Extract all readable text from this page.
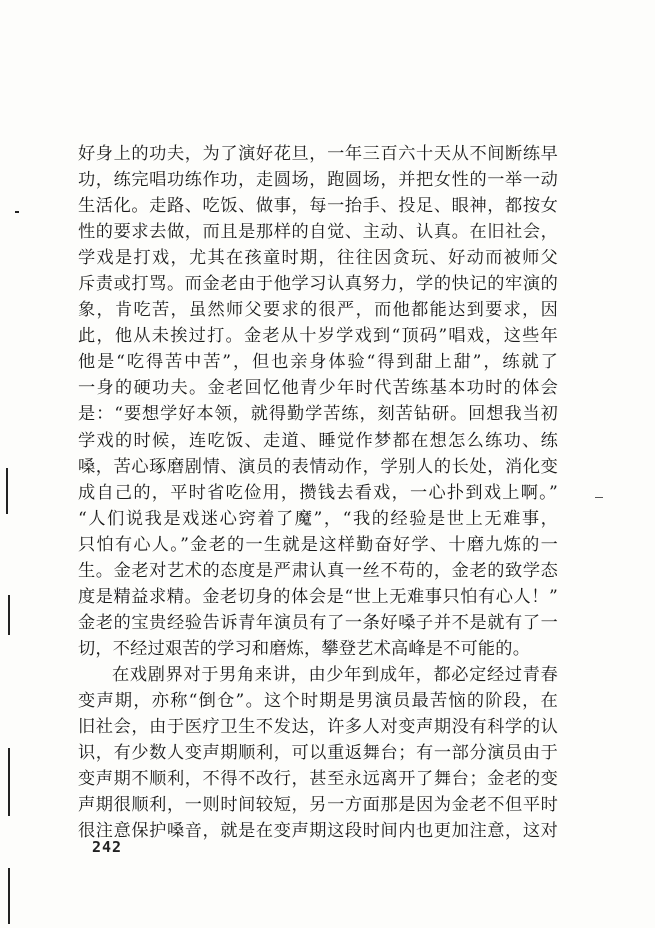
好身上的功夫，为了演好花旦，一年三百六十天从不间断练早
功，练完唱功练作功，走圆场，跑圆场，并把女性的一举一动
生活化。走路、吃饭、做事，每一抬手、投足、眼神，都按女
性的要求去做，而且是那样的自觉、主动、认真。在旧社会，
学戏是打戏，尤其在孩童时期，往往因贪玩、好动而被师父
斥责或打骂。而金老由于他学习认真努力，学的快记的牢演的
象，肯吃苦，虽然师父要求的很严，而他都能达到要求，因
此，他从未挨过打。金老从十岁学戏到“顶码”唱戏，这些年
他是“吃得苦中苦”，但也亲身体验“得到甜上甜”，练就了
一身的硬功夫。金老回忆他青少年时代苦练基本功时的体会
是：“要想学好本领，就得勤学苦练，刻苦钻研。回想我当初
学戏的时候，连吃饭、走道、睡觉作梦都在想怎么练功、练
嗓，苦心琢磨剧情、演员的表情动作，学别人的长处，消化变
成自己的，平时省吃俭用，攒钱去看戏，一心扑到戏上啊。”
“人们说我是戏迷心窍着了魔”，“我的经验是世上无难事，
只怕有心人。”金老的一生就是这样勤奋好学、十磨九炼的一
生。金老对艺术的态度是严肃认真一丝不苟的，金老的致学态
度是精益求精。金老切身的体会是“世上无难事只怕有心人！”
金老的宝贵经验告诉青年演员有了一条好嗓子并不是就有了一
切，不经过艰苦的学习和磨炼，攀登艺术高峰是不可能的。
在戏剧界对于男角来讲，由少年到成年，都必定经过青春
变声期，亦称“倒仓”。这个时期是男演员最苦恼的阶段，在
旧社会，由于医疗卫生不发达，许多人对变声期没有科学的认
识，有少数人变声期顺利，可以重返舞台；有一部分演员由于
变声期不顺利，不得不改行，甚至永远离开了舞台；金老的变
声期很顺利，一则时间较短，另一方面那是因为金老不但平时
很注意保护嗓音，就是在变声期这段时间内也更加注意，这对
242
